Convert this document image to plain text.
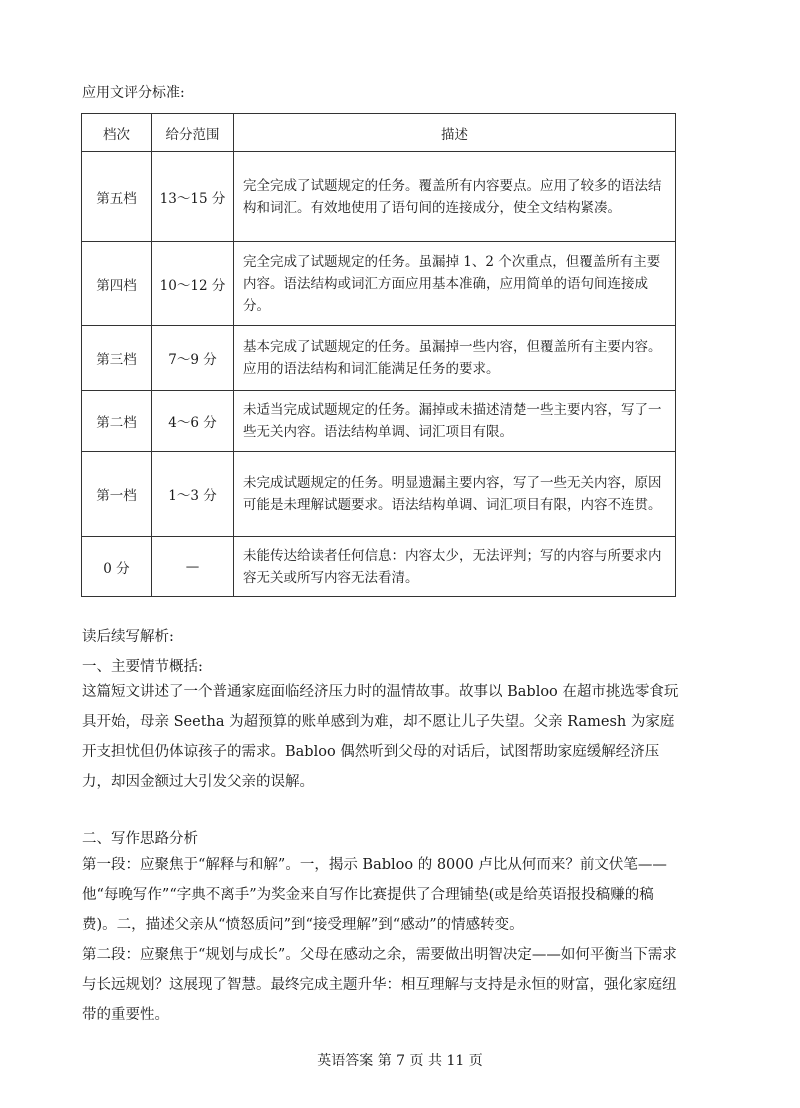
应用文评分标准:
档次	给分范围	描述
第五档	13～15 分	完全完成了试题规定的任务。覆盖所有内容要点。应用了较多的语法结构和词汇。有效地使用了语句间的连接成分，使全文结构紧凑。
第四档	10～12 分	完全完成了试题规定的任务。虽漏掉 1、2 个次重点，但覆盖所有主要内容。语法结构或词汇方面应用基本准确，应用简单的语句间连接成分。
第三档	7～9 分	基本完成了试题规定的任务。虽漏掉一些内容，但覆盖所有主要内容。应用的语法结构和词汇能满足任务的要求。
第二档	4～6 分	未适当完成试题规定的任务。漏掉或未描述清楚一些主要内容，写了一些无关内容。语法结构单调、词汇项目有限。
第一档	1～3 分	未完成试题规定的任务。明显遗漏主要内容，写了一些无关内容，原因可能是未理解试题要求。语法结构单调、词汇项目有限，内容不连贯。
0 分	—	未能传达给读者任何信息：内容太少，无法评判；写的内容与所要求内容无关或所写内容无法看清。
读后续写解析:
一、主要情节概括:

这篇短文讲述了一个普通家庭面临经济压力时的温情故事。故事以 Babloo 在超市挑选零食玩具开始，母亲 Seetha 为超预算的账单感到为难，却不愿让儿子失望。父亲 Ramesh 为家庭开支担忧但仍体谅孩子的需求。Babloo 偶然听到父母的对话后，试图帮助家庭缓解经济压力，却因金额过大引发父亲的误解。

二、写作思路分析

第一段：应聚焦于“解释与和解”。一，揭示 Babloo 的 8000 卢比从何而来？前文伏笔——他“每晚写作”“字典不离手”为奖金来自写作比赛提供了合理铺垫(或是给英语报投稿赚的稿费)。二，描述父亲从“愤怒质问”到“接受理解”到“感动”的情感转变。

第二段：应聚焦于“规划与成长”。父母在感动之余，需要做出明智决定——如何平衡当下需求与长远规划？这展现了智慧。最终完成主题升华：相互理解与支持是永恒的财富，强化家庭纽带的重要性。

英语答案 第 7 页 共 11 页
